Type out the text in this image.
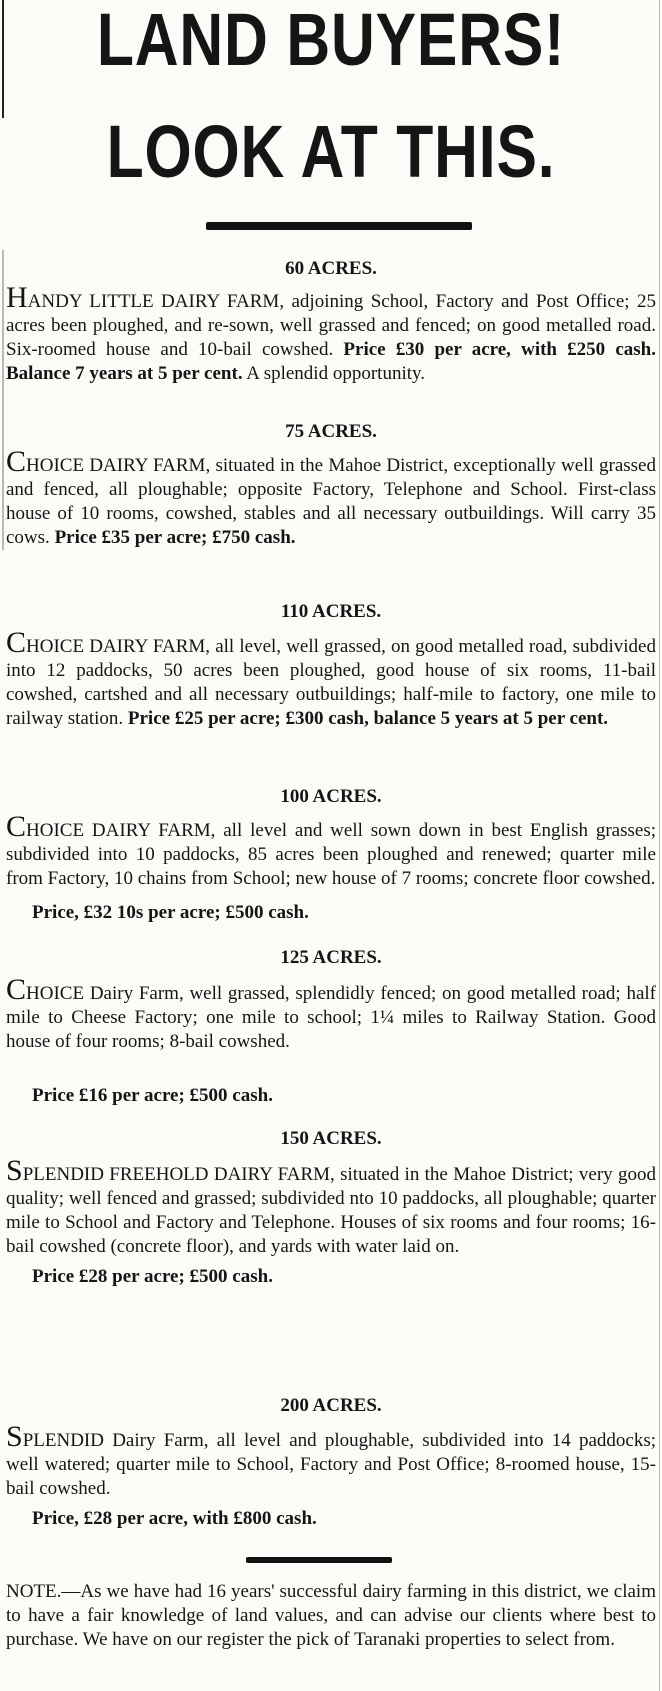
LAND BUYERS!
LOOK AT THIS.
60 ACRES.
HANDY LITTLE DAIRY FARM, adjoining School, Factory and Post Office; 25 acres been ploughed, and re-sown, well grassed and fenced; on good metalled road. Six-roomed house and 10-bail cowshed. Price £30 per acre, with £250 cash. Balance 7 years at 5 per cent. A splendid opportunity.
75 ACRES.
CHOICE DAIRY FARM, situated in the Mahoe District, exceptionally well grassed and fenced, all ploughable; opposite Factory, Telephone and School. First-class house of 10 rooms, cowshed, stables and all necessary outbuildings. Will carry 35 cows. Price £35 per acre; £750 cash.
110 ACRES.
CHOICE DAIRY FARM, all level, well grassed, on good metalled road, subdivided into 12 paddocks, 50 acres been ploughed, good house of six rooms, 11-bail cowshed, cartshed and all necessary outbuildings; half-mile to factory, one mile to railway station. Price £25 per acre; £300 cash, balance 5 years at 5 per cent.
100 ACRES.
CHOICE DAIRY FARM, all level and well sown down in best English grasses; subdivided into 10 paddocks, 85 acres been ploughed and renewed; quarter mile from Factory, 10 chains from School; new house of 7 rooms; concrete floor cowshed.
Price, £32 10s per acre; £500 cash.
125 ACRES.
CHOICE Dairy Farm, well grassed, splendidly fenced; on good metalled road; half mile to Cheese Factory; one mile to school; 1¼ miles to Railway Station. Good house of four rooms; 8-bail cowshed.
Price £16 per acre; £500 cash.
150 ACRES.
SPLENDID FREEHOLD DAIRY FARM, situated in the Mahoe District; very good quality; well fenced and grassed; subdivided nto 10 paddocks, all ploughable; quarter mile to School and Factory and Telephone. Houses of six rooms and four rooms; 16-bail cowshed (concrete floor), and yards with water laid on.
Price £28 per acre; £500 cash.
200 ACRES.
SPLENDID Dairy Farm, all level and ploughable, subdivided into 14 paddocks; well watered; quarter mile to School, Factory and Post Office; 8-roomed house, 15-bail cowshed.
Price, £28 per acre, with £800 cash.
NOTE.—As we have had 16 years' successful dairy farming in this district, we claim to have a fair knowledge of land values, and can advise our clients where best to purchase. We have on our register the pick of Taranaki properties to select from.
